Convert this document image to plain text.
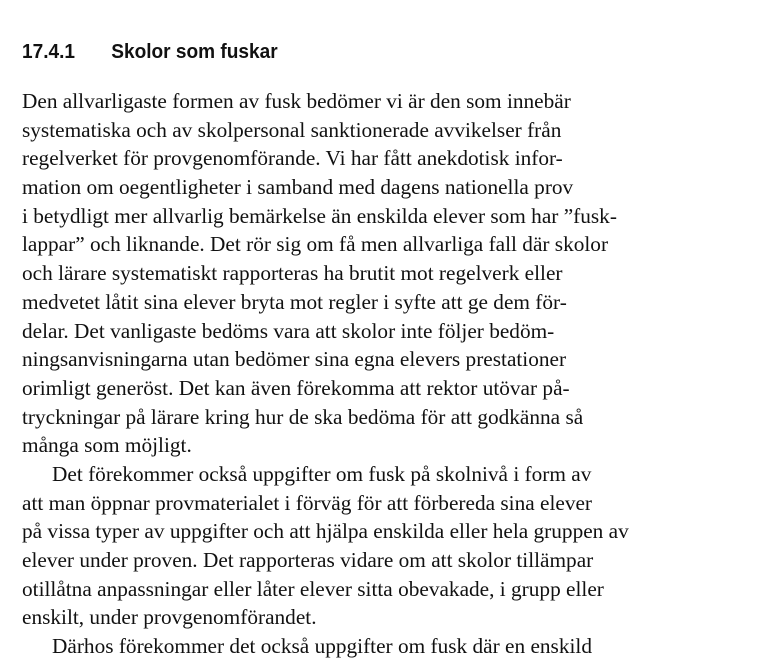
17.4.1 Skolor som fuskar
Den allvarligaste formen av fusk bedömer vi är den som innebär
systematiska och av skolpersonal sanktionerade avvikelser från
regelverket för provgenomförande. Vi har fått anekdotisk infor-
mation om oegentligheter i samband med dagens nationella prov
i betydligt mer allvarlig bemärkelse än enskilda elever som har ”fusk-
lappar” och liknande. Det rör sig om få men allvarliga fall där skolor
och lärare systematiskt rapporteras ha brutit mot regelverk eller
medvetet låtit sina elever bryta mot regler i syfte att ge dem för-
delar. Det vanligaste bedöms vara att skolor inte följer bedöm-
ningsanvisningarna utan bedömer sina egna elevers prestationer
orimligt generöst. Det kan även förekomma att rektor utövar på-
tryckningar på lärare kring hur de ska bedöma för att godkänna så
många som möjligt.
Det förekommer också uppgifter om fusk på skolnivå i form av
att man öppnar provmaterialet i förväg för att förbereda sina elever
på vissa typer av uppgifter och att hjälpa enskilda eller hela gruppen av
elever under proven. Det rapporteras vidare om att skolor tillämpar
otillåtna anpassningar eller låter elever sitta obevakade, i grupp eller
enskilt, under provgenomförandet.
Därhos förekommer det också uppgifter om fusk där en enskild
